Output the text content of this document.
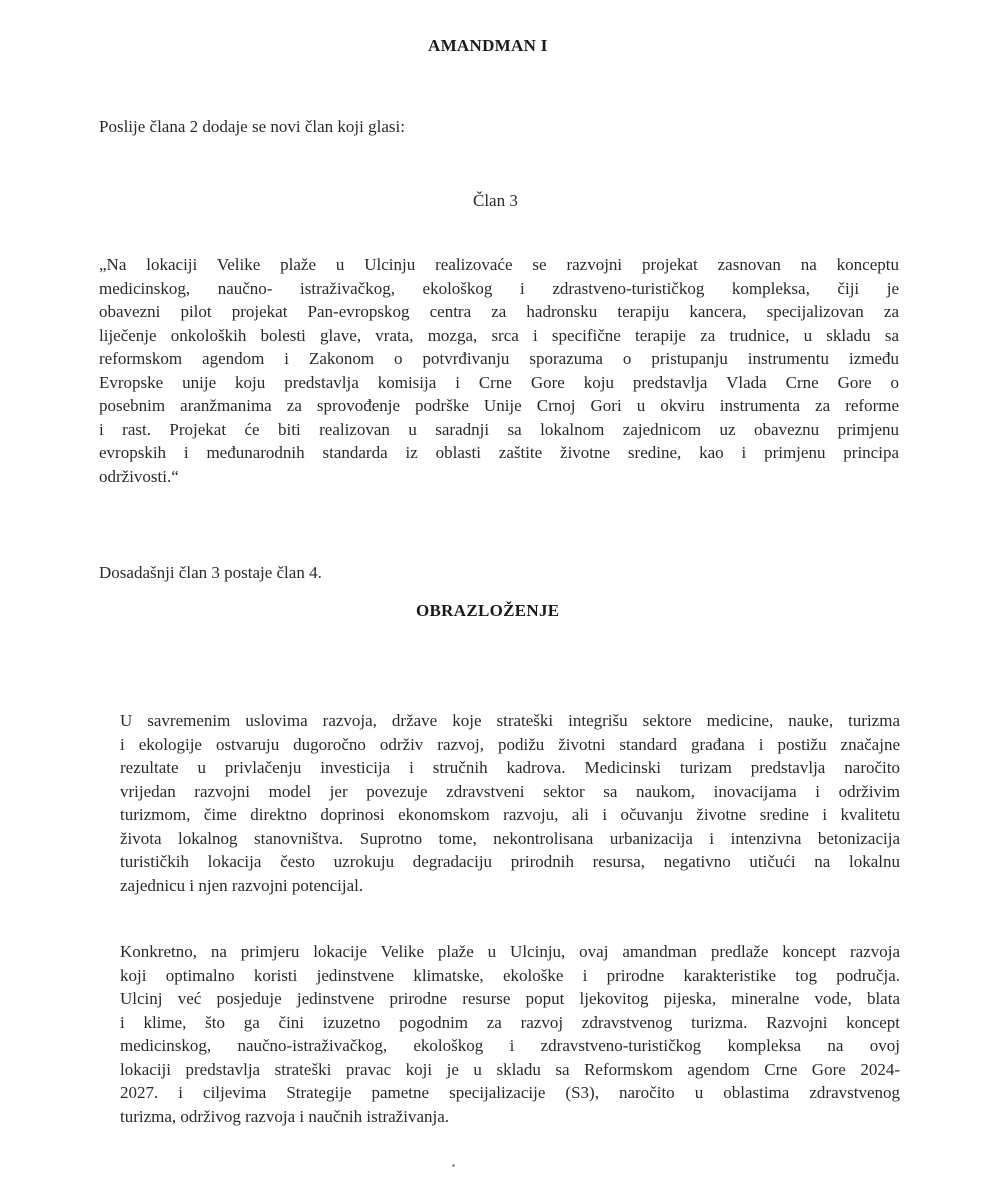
AMANDMAN I
Poslije člana 2 dodaje se novi član koji glasi:
Član 3
„Na lokaciji Velike plaže u Ulcinju realizovaće se razvojni projekat zasnovan na konceptu
medicinskog, naučno- istraživačkog, ekološkog i zdrastveno-turističkog kompleksa, čiji je
obavezni pilot projekat Pan-evropskog centra za hadronsku terapiju kancera, specijalizovan za
liječenje onkoloških bolesti glave, vrata, mozga, srca i specifične terapije za trudnice, u skladu sa
reformskom agendom i Zakonom o potvrđivanju sporazuma o pristupanju instrumentu između
Evropske unije koju predstavlja komisija i Crne Gore koju predstavlja Vlada Crne Gore o
posebnim aranžmanima za sprovođenje podrške Unije Crnoj Gori u okviru instrumenta za reforme
i rast. Projekat će biti realizovan u saradnji sa lokalnom zajednicom uz obaveznu primjenu
evropskih i međunarodnih standarda iz oblasti zaštite životne sredine, kao i primjenu principa
održivosti.“
Dosadašnji član 3 postaje član 4.
OBRAZLOŽENJE
U savremenim uslovima razvoja, države koje strateški integrišu sektore medicine, nauke, turizma
i ekologije ostvaruju dugoročno održiv razvoj, podižu životni standard građana i postižu značajne
rezultate u privlačenju investicija i stručnih kadrova. Medicinski turizam predstavlja naročito
vrijedan razvojni model jer povezuje zdravstveni sektor sa naukom, inovacijama i održivim
turizmom, čime direktno doprinosi ekonomskom razvoju, ali i očuvanju životne sredine i kvalitetu
života lokalnog stanovništva. Suprotno tome, nekontrolisana urbanizacija i intenzivna betonizacija
turističkih lokacija često uzrokuju degradaciju prirodnih resursa, negativno utičući na lokalnu
zajednicu i njen razvojni potencijal.
Konkretno, na primjeru lokacije Velike plaže u Ulcinju, ovaj amandman predlaže koncept razvoja
koji optimalno koristi jedinstvene klimatske, ekološke i prirodne karakteristike tog područja.
Ulcinj već posjeduje jedinstvene prirodne resurse poput ljekovitog pijeska, mineralne vode, blata
i klime, što ga čini izuzetno pogodnim za razvoj zdravstvenog turizma. Razvojni koncept
medicinskog, naučno-istraživačkog, ekološkog i zdravstveno-turističkog kompleksa na ovoj
lokaciji predstavlja strateški pravac koji je u skladu sa Reformskom agendom Crne Gore 2024-
2027. i ciljevima Strategije pametne specijalizacije (S3), naročito u oblastima zdravstvenog
turizma, održivog razvoja i naučnih istraživanja.
